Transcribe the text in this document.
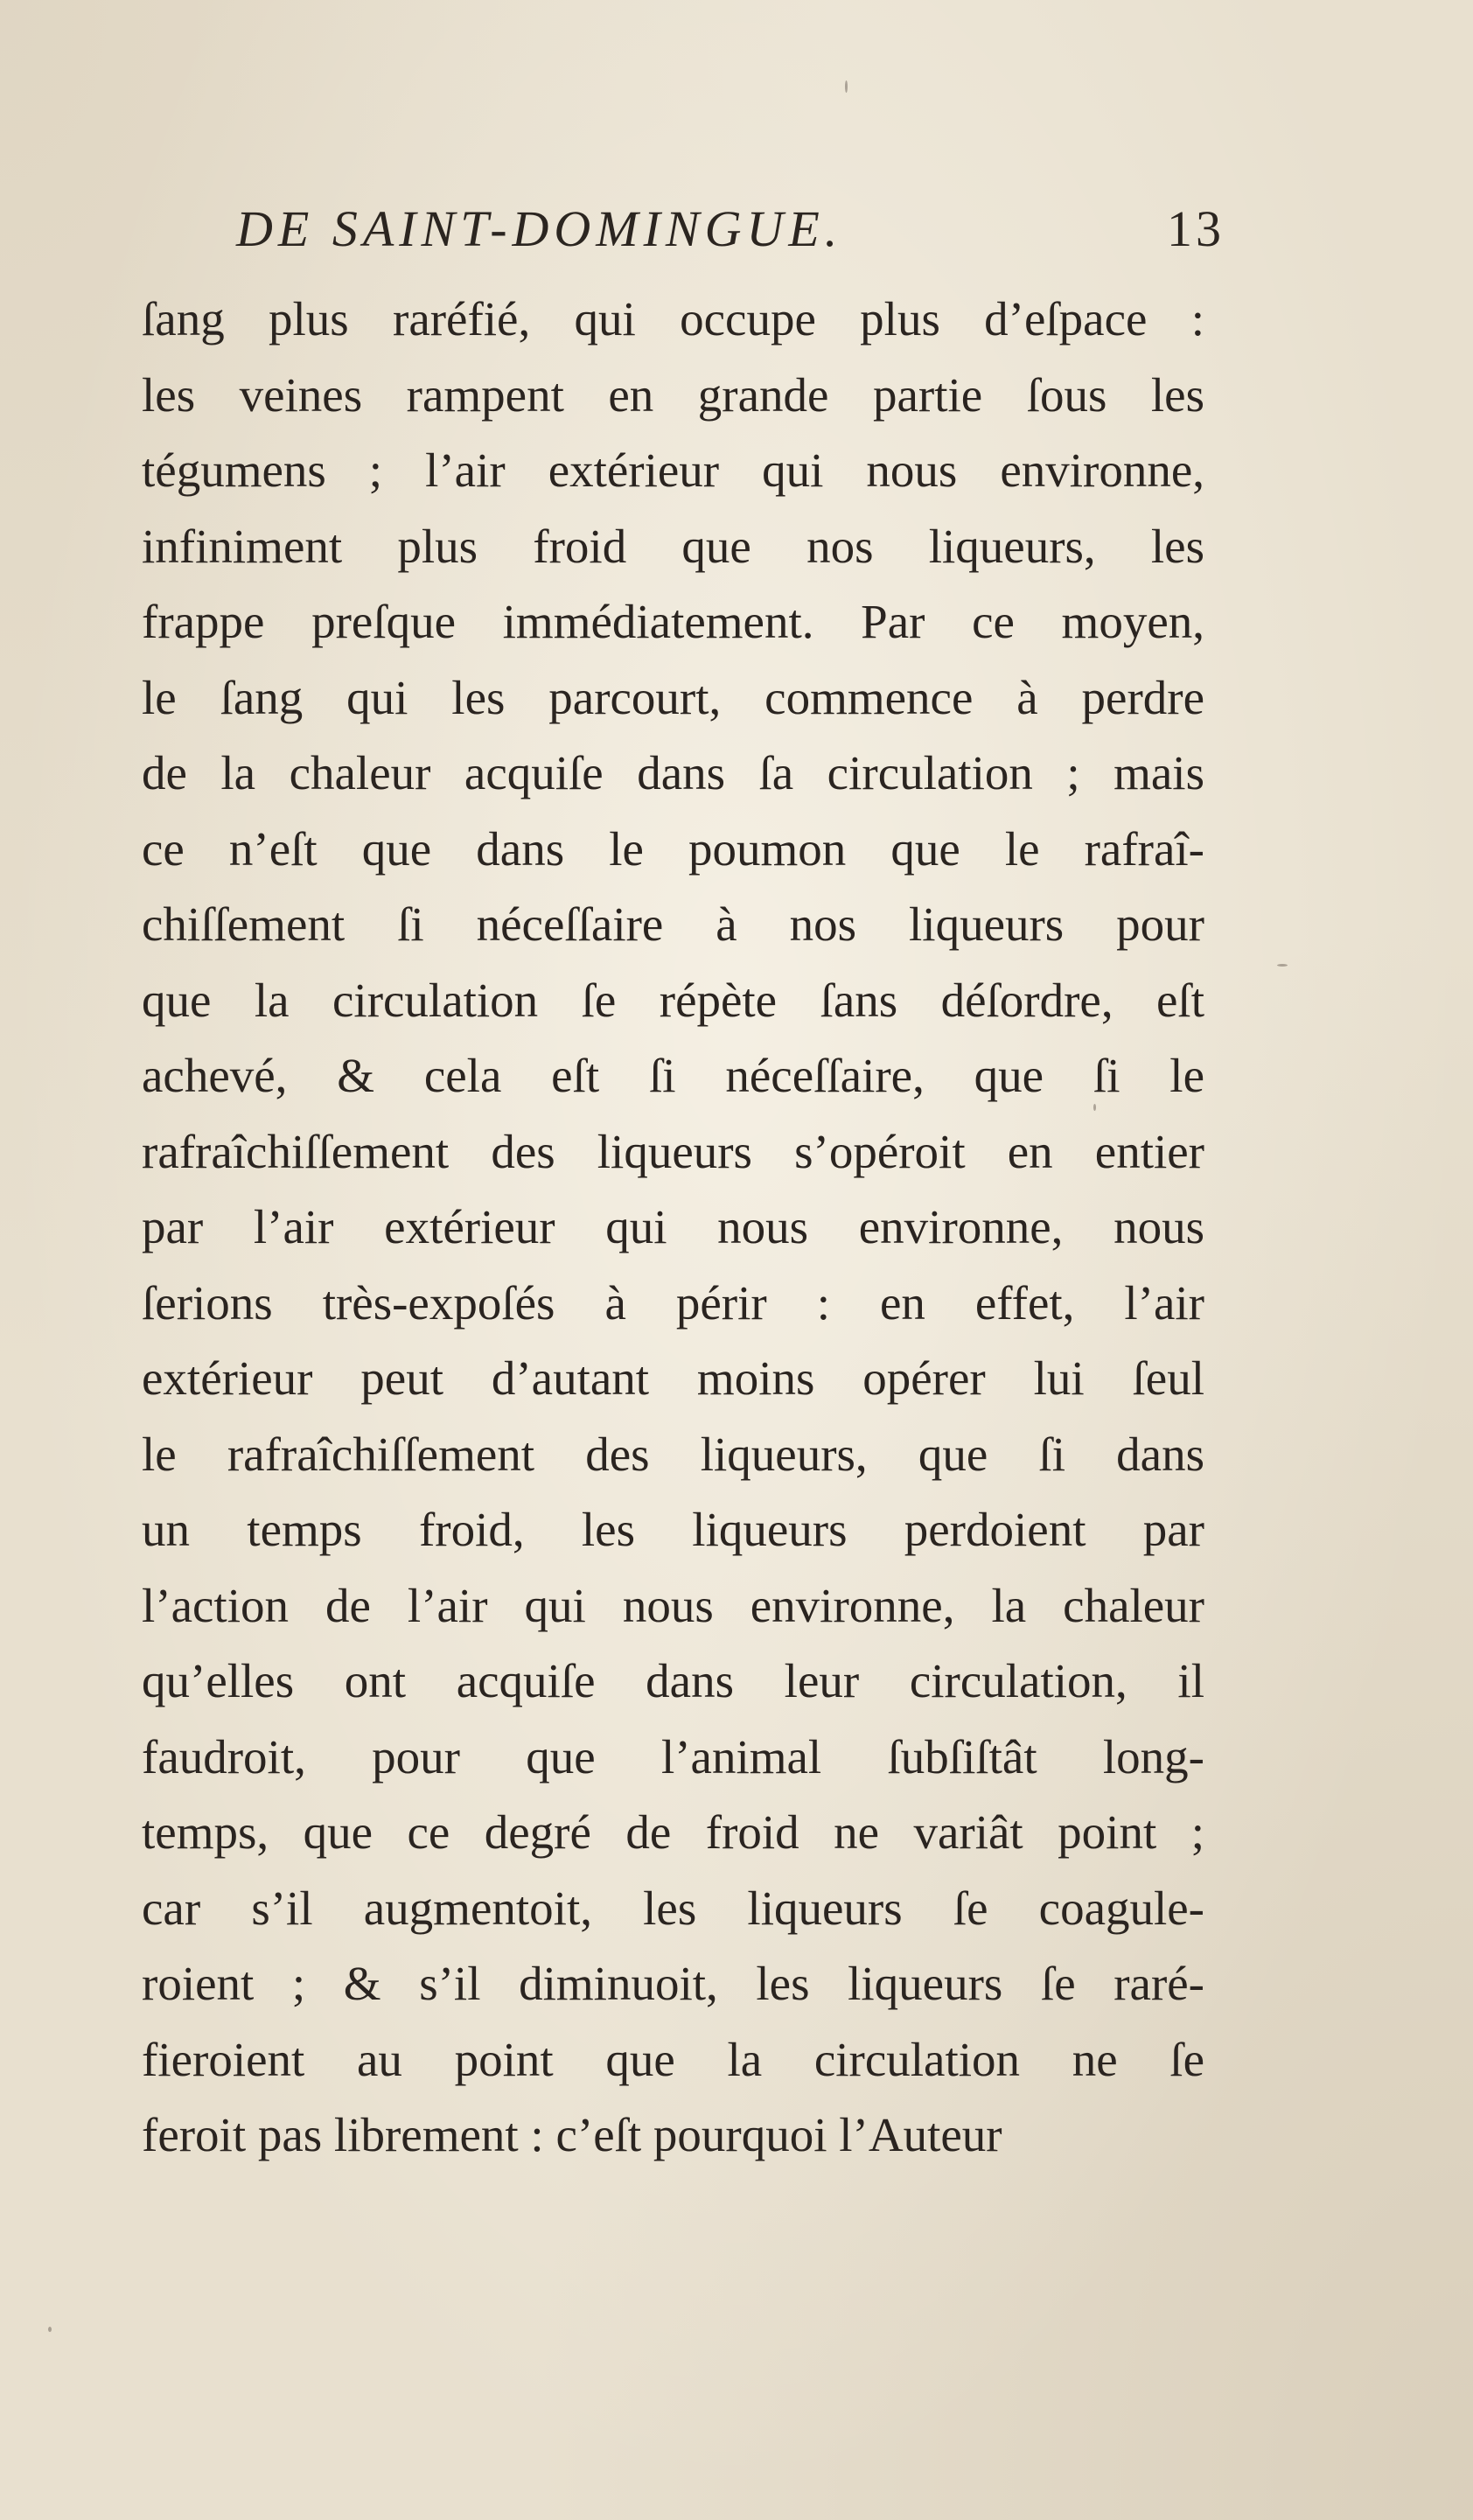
DE SAINT-DOMINGUE.	13
ſang plus raréfié, qui occupe plus d’eſpace :
les veines rampent en grande partie ſous les
tégumens ; l’air extérieur qui nous environne,
infiniment plus froid que nos liqueurs, les
frappe preſque immédiatement. Par ce moyen,
le ſang qui les parcourt, commence à perdre
de la chaleur acquiſe dans ſa circulation ; mais
ce n’eſt que dans le poumon que le rafraî-
chiſſement ſi néceſſaire à nos liqueurs pour
que la circulation ſe répète ſans déſordre, eſt
achevé, & cela eſt ſi néceſſaire, que ſi le
rafraîchiſſement des liqueurs s’opéroit en entier
par l’air extérieur qui nous environne, nous
ſerions très-expoſés à périr : en effet, l’air
extérieur peut d’autant moins opérer lui ſeul
le rafraîchiſſement des liqueurs, que ſi dans
un temps froid, les liqueurs perdoient par
l’action de l’air qui nous environne, la chaleur
qu’elles ont acquiſe dans leur circulation, il
faudroit, pour que l’animal ſubſiſtât long-
temps, que ce degré de froid ne variât point ;
car s’il augmentoit, les liqueurs ſe coagule-
roient ; & s’il diminuoit, les liqueurs ſe raré-
fieroient au point que la circulation ne ſe
feroit pas librement : c’eſt pourquoi l’Auteur
